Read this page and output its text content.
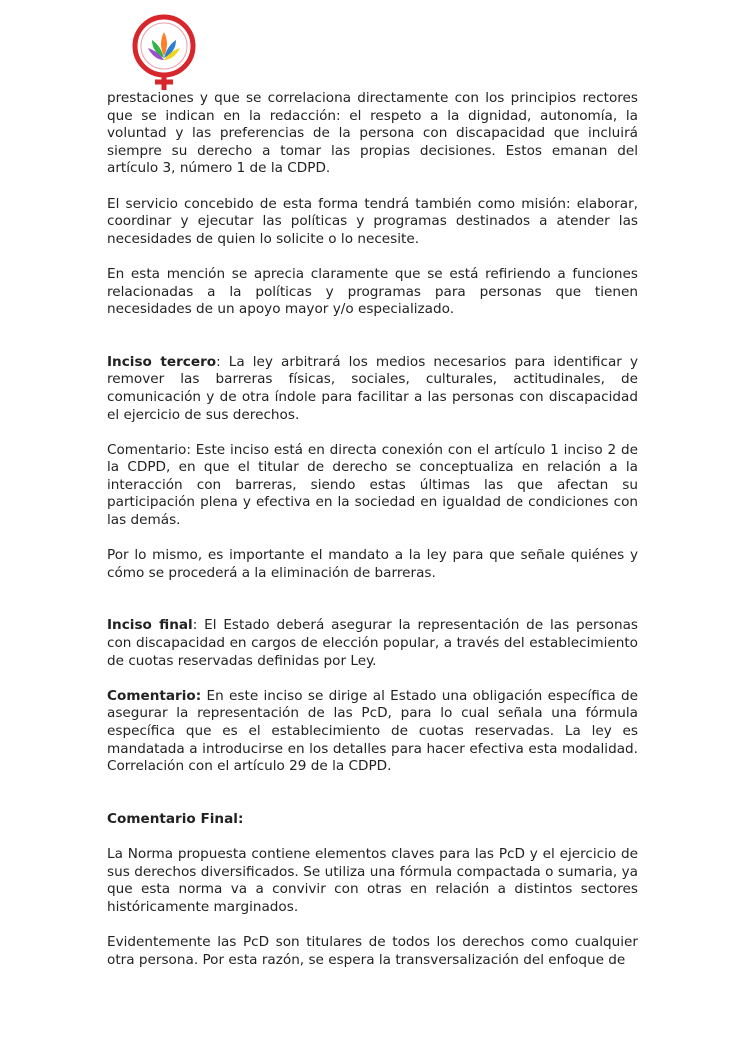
prestaciones y que se correlaciona directamente con los principios rectores que se indican en la redacción: el respeto a la dignidad, autonomía, la voluntad y las preferencias de la persona con discapacidad que incluirá siempre su derecho a tomar las propias decisiones. Estos emanan del artículo 3, número 1 de la CDPD.

El servicio concebido de esta forma tendrá también como misión: elaborar, coordinar y ejecutar las políticas y programas destinados a atender las necesidades de quien lo solicite o lo necesite.

En esta mención se aprecia claramente que se está refiriendo a funciones relacionadas a la políticas y programas para personas que tienen necesidades de un apoyo mayor y/o especializado.

Inciso tercero: La ley arbitrará los medios necesarios para identificar y remover las barreras físicas, sociales, culturales, actitudinales, de comunicación y de otra índole para facilitar a las personas con discapacidad el ejercicio de sus derechos.

Comentario: Este inciso está en directa conexión con el artículo 1 inciso 2 de la CDPD, en que el titular de derecho se conceptualiza en relación a la interacción con barreras, siendo estas últimas las que afectan su participación plena y efectiva en la sociedad en igualdad de condiciones con las demás.

Por lo mismo, es importante el mandato a la ley para que señale quiénes y cómo se procederá a la eliminación de barreras.

Inciso final: El Estado deberá asegurar la representación de las personas con discapacidad en cargos de elección popular, a través del establecimiento de cuotas reservadas definidas por Ley.

Comentario: En este inciso se dirige al Estado una obligación específica de asegurar la representación de las PcD, para lo cual señala una fórmula específica que es el establecimiento de cuotas reservadas. La ley es mandatada a introducirse en los detalles para hacer efectiva esta modalidad. Correlación con el artículo 29 de la CDPD.

Comentario Final:

La Norma propuesta contiene elementos claves para las PcD y el ejercicio de sus derechos diversificados. Se utiliza una fórmula compactada o sumaria, ya que esta norma va a convivir con otras en relación a distintos sectores históricamente marginados.

Evidentemente las PcD son titulares de todos los derechos como cualquier otra persona. Por esta razón, se espera la transversalización del enfoque de
